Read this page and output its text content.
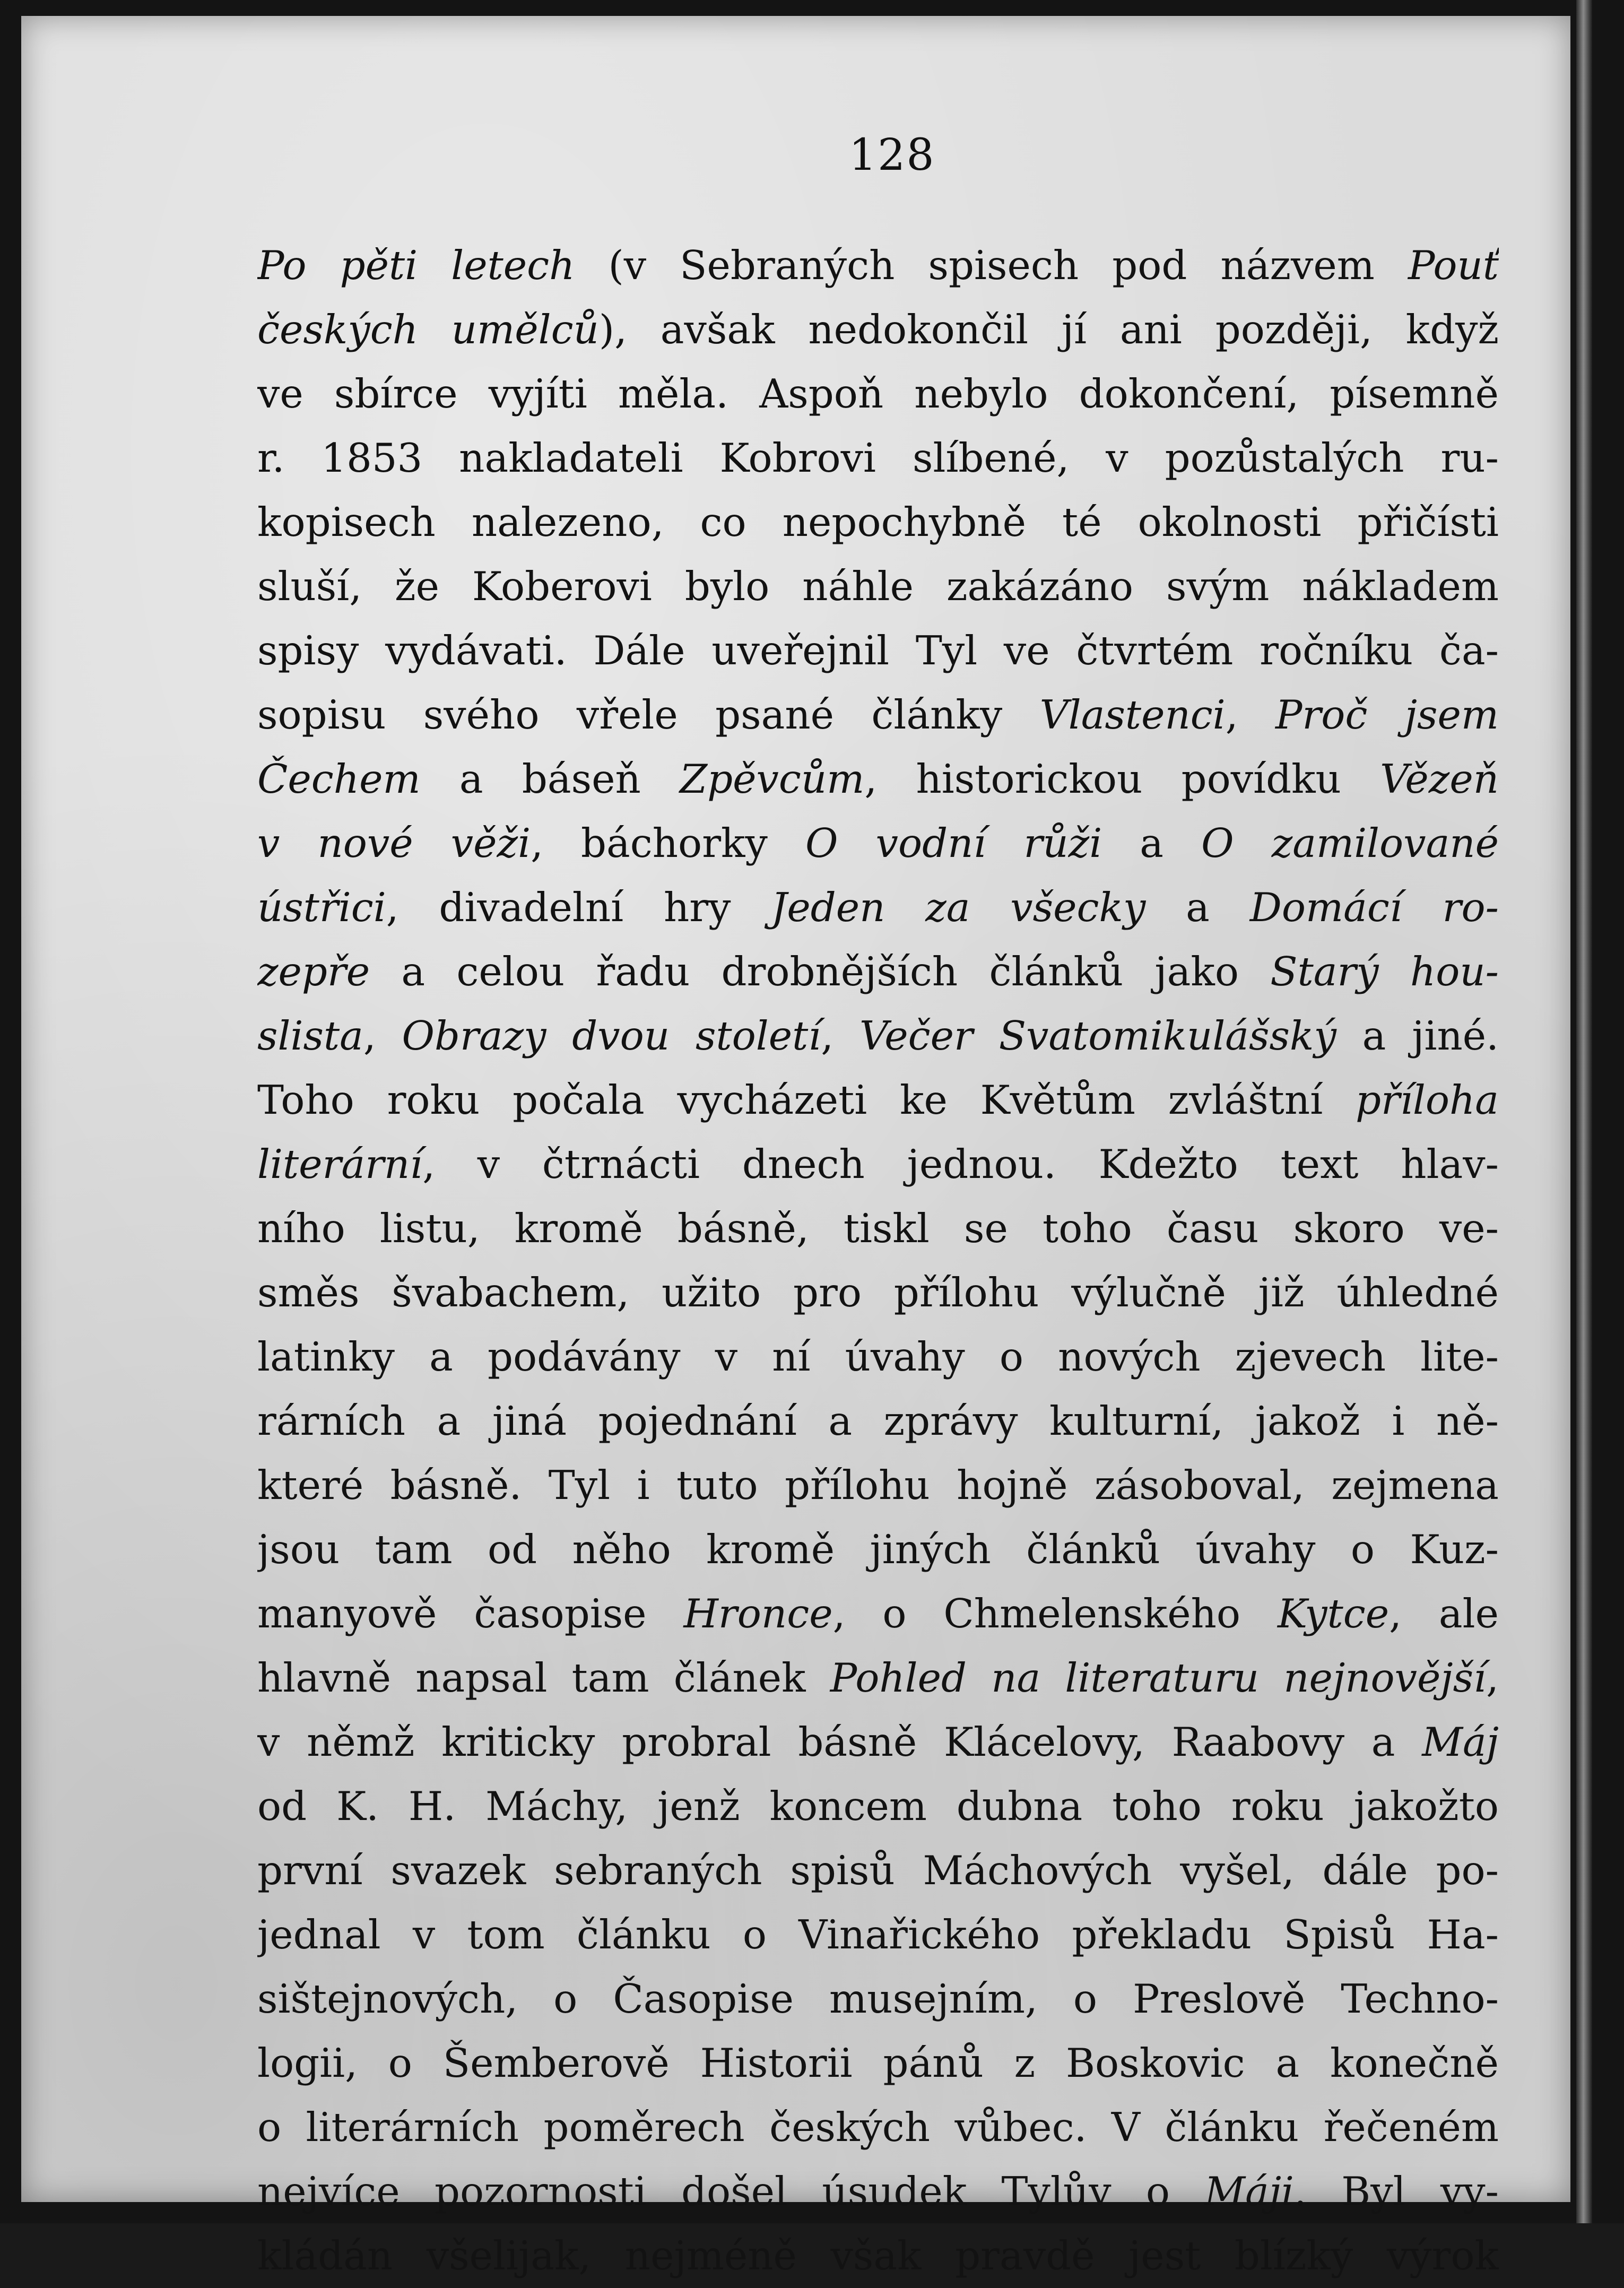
128
Po pěti letech (v Sebraných spisech pod názvem Pouť
českých umělců), avšak nedokončil jí ani později, když
ve sbírce vyjíti měla. Aspoň nebylo dokončení, písemně
r. 1853 nakladateli Kobrovi slíbené, v pozůstalých ru-
kopisech nalezeno, co nepochybně té okolnosti přičísti
sluší, že Koberovi bylo náhle zakázáno svým nákladem
spisy vydávati. Dále uveřejnil Tyl ve čtvrtém ročníku ča-
sopisu svého vřele psané články Vlastenci, Proč jsem
Čechem a báseň Zpěvcům, historickou povídku Vězeň
v nové věži, báchorky O vodní růži a O zamilované
ústřici, divadelní hry Jeden za všecky a Domácí ro-
zepře a celou řadu drobnějších článků jako Starý hou-
slista, Obrazy dvou století, Večer Svatomikulášský a jiné.
Toho roku počala vycházeti ke Květům zvláštní příloha
literární, v čtrnácti dnech jednou. Kdežto text hlav-
ního listu, kromě básně, tiskl se toho času skoro ve-
směs švabachem, užito pro přílohu výlučně již úhledné
latinky a podávány v ní úvahy o nových zjevech lite-
rárních a jiná pojednání a zprávy kulturní, jakož i ně-
které básně. Tyl i tuto přílohu hojně zásoboval, zejmena
jsou tam od něho kromě jiných článků úvahy o Kuz-
manyově časopise Hronce, o Chmelenského Kytce, ale
hlavně napsal tam článek Pohled na literaturu nejnovější,
v němž kriticky probral básně Klácelovy, Raabovy a Máj
od K. H. Máchy, jenž koncem dubna toho roku jakožto
první svazek sebraných spisů Máchových vyšel, dále po-
jednal v tom článku o Vinařického překladu Spisů Ha-
sištejnových, o Časopise musejním, o Preslově Techno-
logii, o Šemberově Historii pánů z Boskovic a konečně
o literárních poměrech českých vůbec. V článku řečeném
nejvíce pozornosti došel úsudek Tylův o Máji. Byl vy-
kládán všelijak, nejméně však pravdě jest blízký výrok
